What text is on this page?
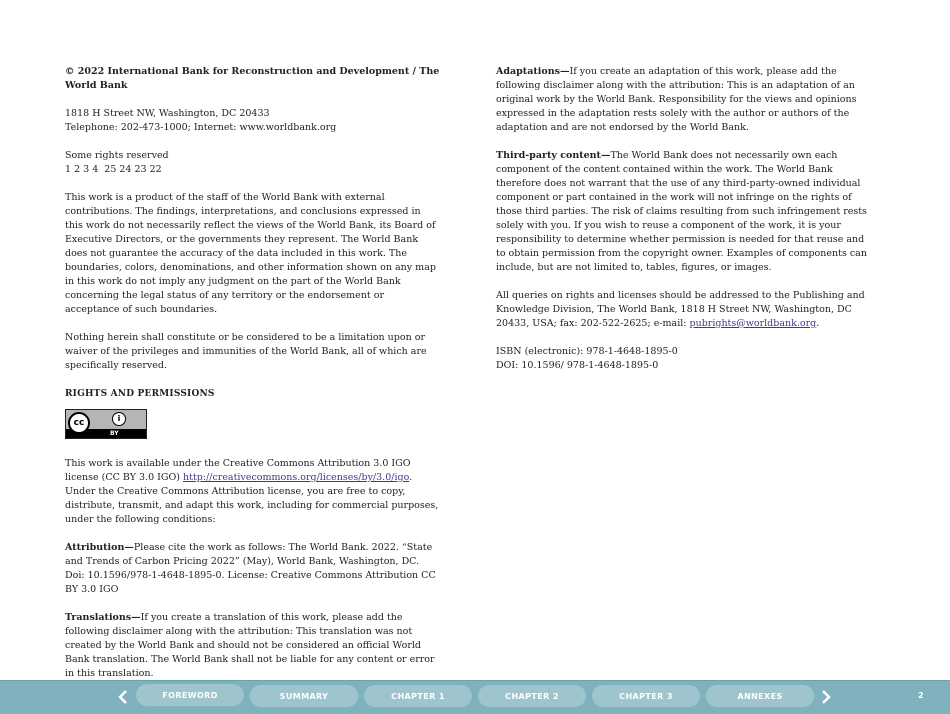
© 2022 International Bank for Reconstruction and Development / The World Bank

1818 H Street NW, Washington, DC 20433

Telephone: 202-473-1000; Internet: www.worldbank.org

Some rights reserved

1 2 3 4  25 24 23 22

This work is a product of the staff of the World Bank with external contributions. The findings, interpretations, and conclusions expressed in this work do not necessarily reflect the views of the World Bank, its Board of Executive Directors, or the governments they represent. The World Bank does not guarantee the accuracy of the data included in this work. The boundaries, colors, denominations, and other information shown on any map in this work do not imply any judgment on the part of the World Bank concerning the legal status of any territory or the endorsement or acceptance of such boundaries.

Nothing herein shall constitute or be considered to be a limitation upon or waiver of the privileges and immunities of the World Bank, all of which are specifically reserved.

RIGHTS AND PERMISSIONS

cc	i
BY

This work is available under the Creative Commons Attribution 3.0 IGO license (CC BY 3.0 IGO) http://creativecommons.org/licenses/by/3.0/igo. Under the Creative Commons Attribution license, you are free to copy, distribute, transmit, and adapt this work, including for commercial purposes, under the following conditions:

Attribution—Please cite the work as follows: The World Bank. 2022. “State and Trends of Carbon Pricing 2022” (May), World Bank, Washington, DC. Doi: 10.1596/978-1-4648-1895-0. License: Creative Commons Attribution CC BY 3.0 IGO

Translations—If you create a translation of this work, please add the following disclaimer along with the attribution: This translation was not created by the World Bank and should not be considered an official World Bank translation. The World Bank shall not be liable for any content or error in this translation.

Adaptations—If you create an adaptation of this work, please add the following disclaimer along with the attribution: This is an adaptation of an original work by the World Bank. Responsibility for the views and opinions expressed in the adaptation rests solely with the author or authors of the adaptation and are not endorsed by the World Bank.

Third-party content—The World Bank does not necessarily own each component of the content contained within the work. The World Bank therefore does not warrant that the use of any third-party-owned individual component or part contained in the work will not infringe on the rights of those third parties. The risk of claims resulting from such infringement rests solely with you. If you wish to reuse a component of the work, it is your responsibility to determine whether permission is needed for that reuse and to obtain permission from the copyright owner. Examples of components can include, but are not limited to, tables, figures, or images.

All queries on rights and licenses should be addressed to the Publishing and Knowledge Division, The World Bank, 1818 H Street NW, Washington, DC 20433, USA; fax: 202-522-2625; e-mail: pubrights@worldbank.org.

ISBN (electronic): 978-1-4648-1895-0

DOI: 10.1596/ 978-1-4648-1895-0

FOREWORD	SUMMARY	CHAPTER 1	CHAPTER 2	CHAPTER 3	ANNEXES	2
